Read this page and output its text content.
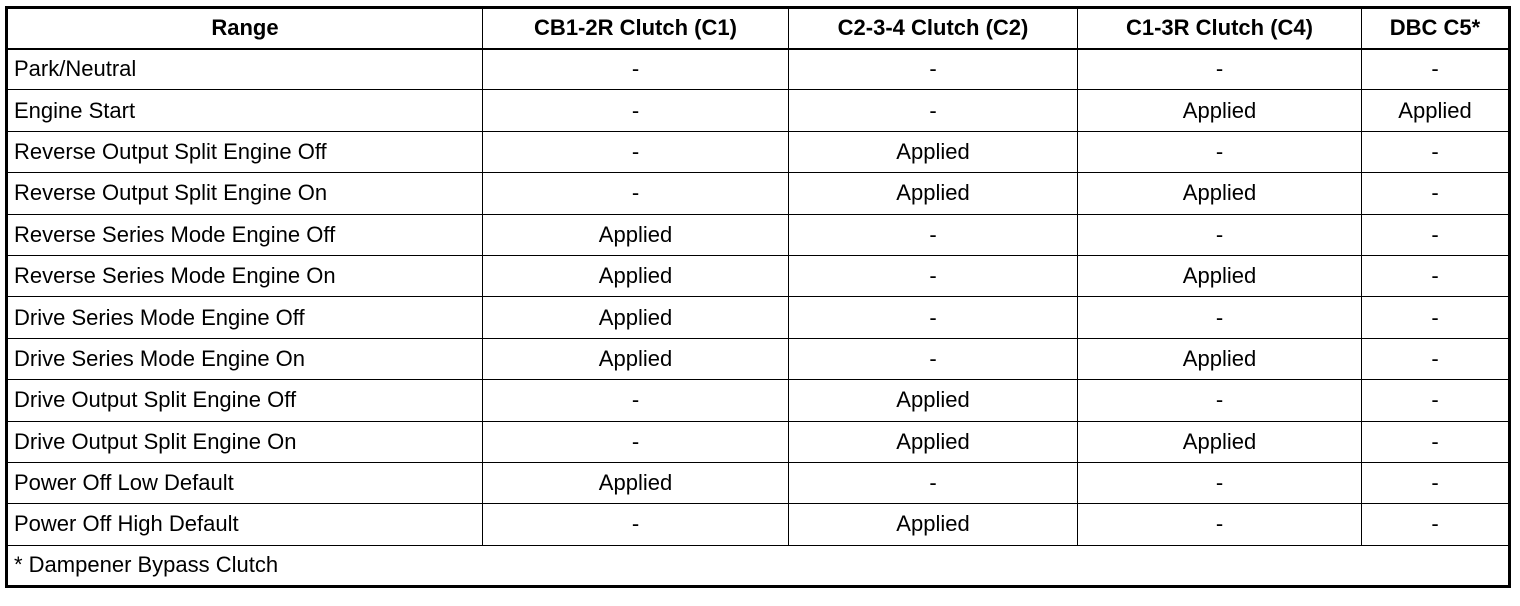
Range	CB1-2R Clutch (C1)	C2-3-4 Clutch (C2)	C1-3R Clutch (C4)	DBC C5*
Park/Neutral	-	-	-	-
Engine Start	-	-	Applied	Applied
Reverse Output Split Engine Off	-	Applied	-	-
Reverse Output Split Engine On	-	Applied	Applied	-
Reverse Series Mode Engine Off	Applied	-	-	-
Reverse Series Mode Engine On	Applied	-	Applied	-
Drive Series Mode Engine Off	Applied	-	-	-
Drive Series Mode Engine On	Applied	-	Applied	-
Drive Output Split Engine Off	-	Applied	-	-
Drive Output Split Engine On	-	Applied	Applied	-
Power Off Low Default	Applied	-	-	-
Power Off High Default	-	Applied	-	-
* Dampener Bypass Clutch				
